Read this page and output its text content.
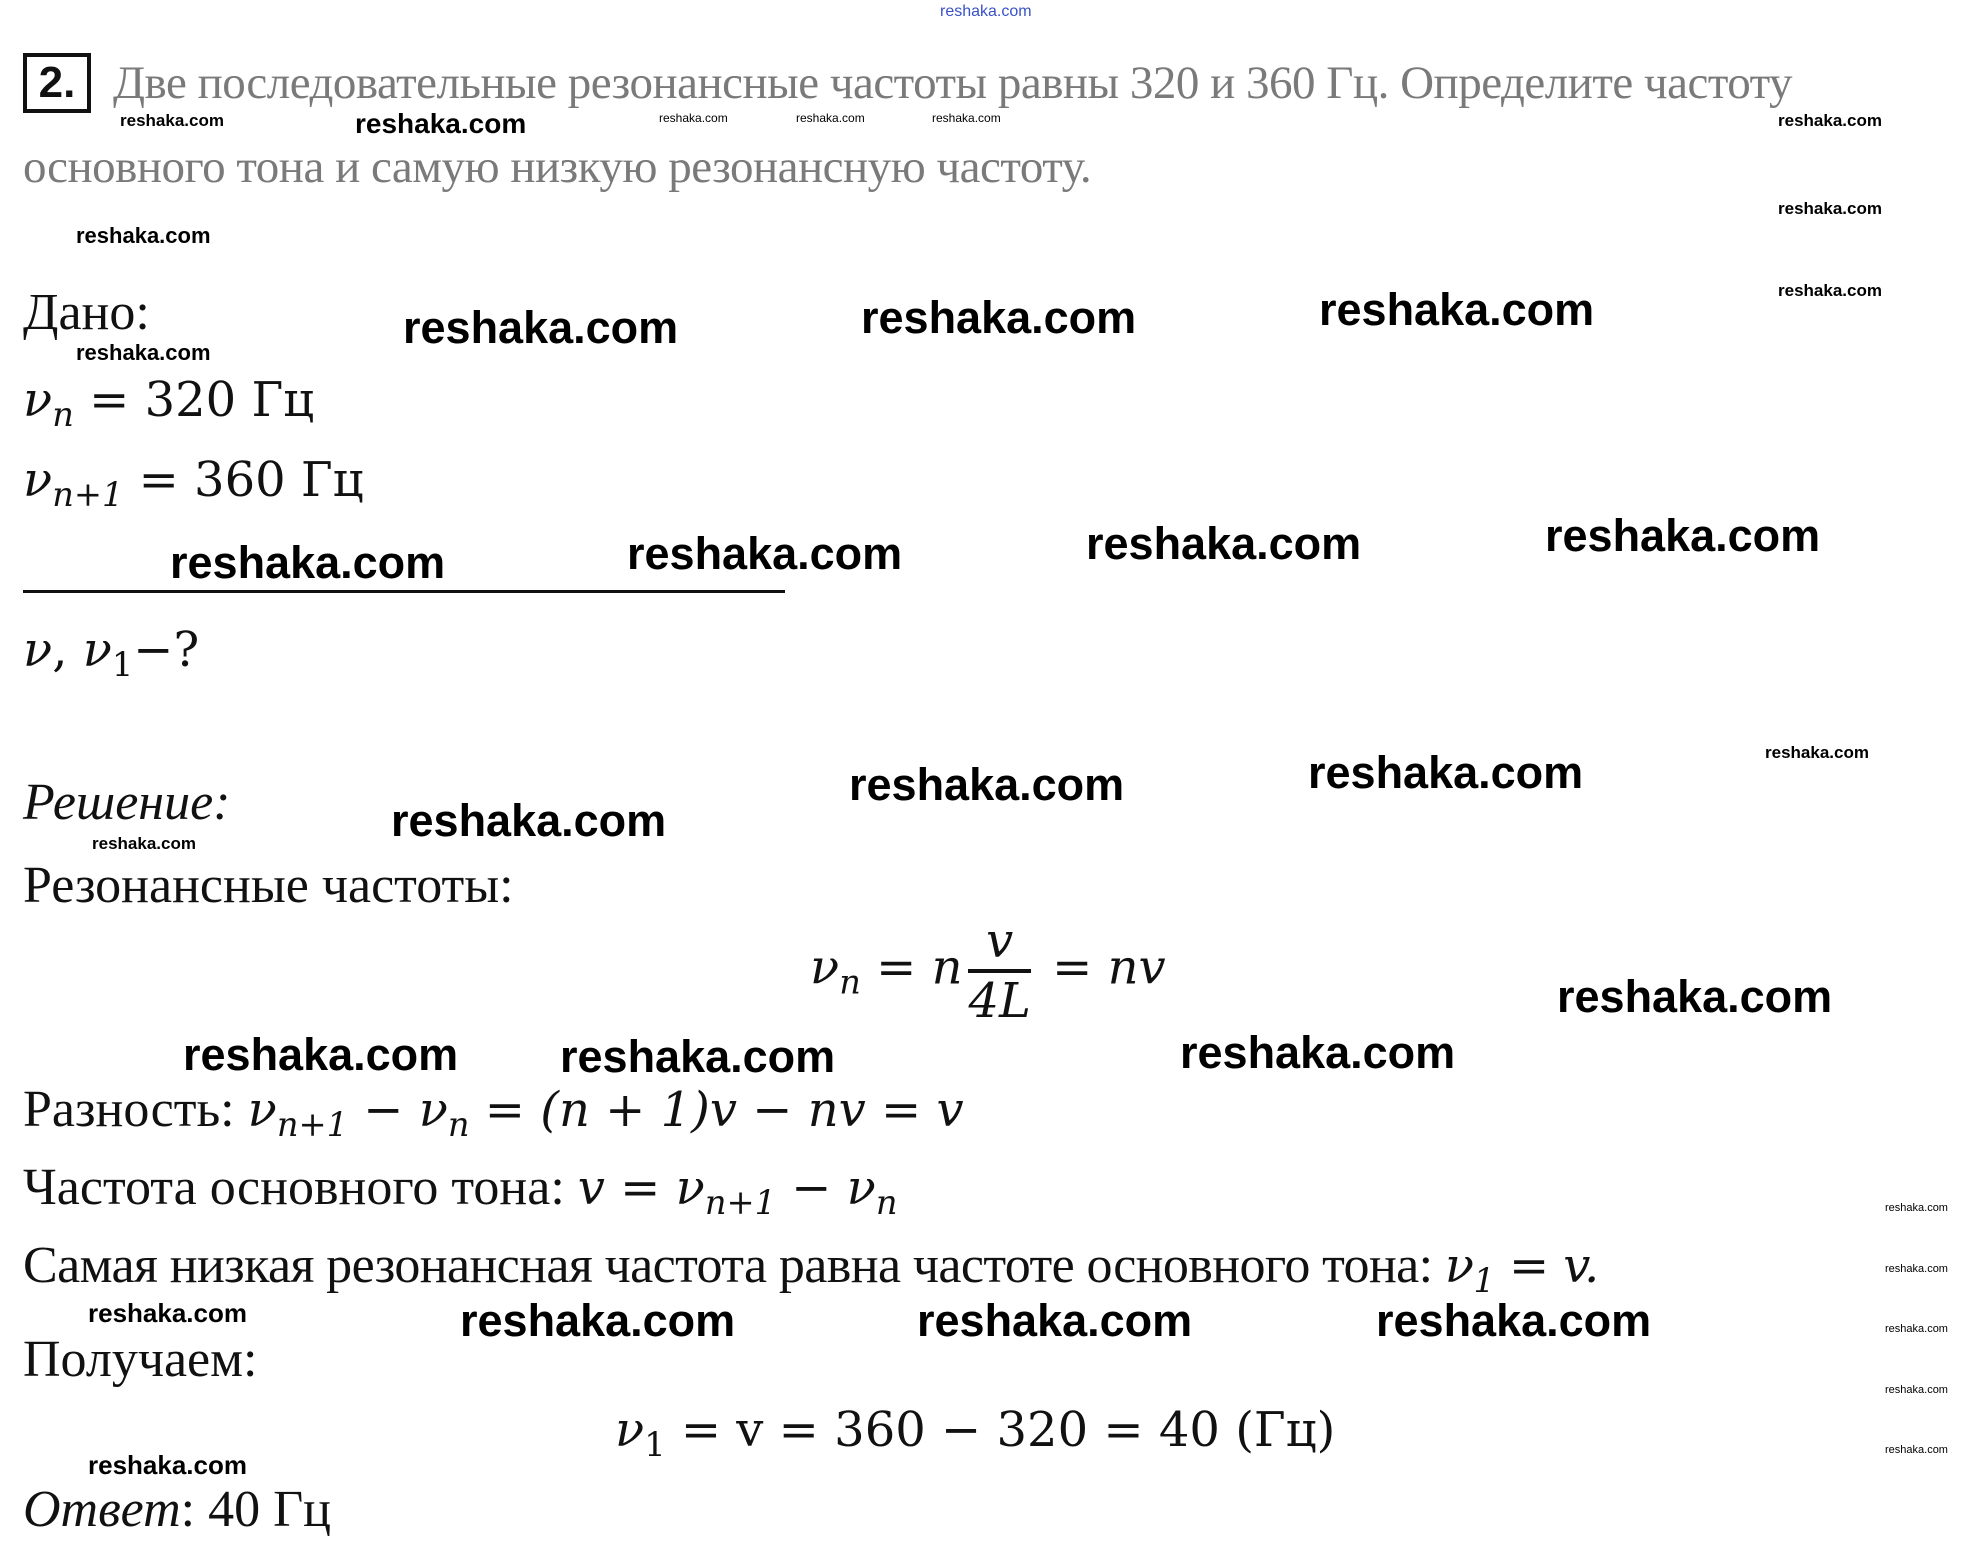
reshaka.com
2. Две последовательные резонансные частоты равны 320 и 360 Гц. Определите частоту
основного тона и самую низкую резонансную частоту.
Дано:
$\nu_n = 320$ Гц
$\nu_{n+1} = 360$ Гц
ν, $\nu_1-$?
Решение:
Резонансные частоты:
$\nu_n = n \frac{v}{4L}$ = nv
Разность: $\nu_{n+1} - \nu_n = (n + 1)v$ − nv = v
Частота основного тона: $v = \nu_{n+1} - \nu_n$
Самая низкая резонансная частота равна частоте основного тона: $\nu_1 = v$.
Получаем:
$\nu_1 = v = 360 - 320 = 40$ (Гц)
Ответ: 40 Гц
reshaka.com	reshaka.com	reshaka.com
reshaka.com	reshaka.com	reshaka.com	reshaka.com
reshaka.com	reshaka.com
reshaka.com
reshaka.com
reshaka.com	reshaka.com
reshaka.com
reshaka.com	reshaka.com	reshaka.com
reshaka.com
reshaka.com
reshaka.com
reshaka.com
reshaka.com
reshaka.com
reshaka.com	reshaka.com	reshaka.com	reshaka.com	reshaka.com
reshaka.com
reshaka.com
reshaka.com
reshaka.com
reshaka.com
reshaka.com
reshaka.com
reshaka.com
